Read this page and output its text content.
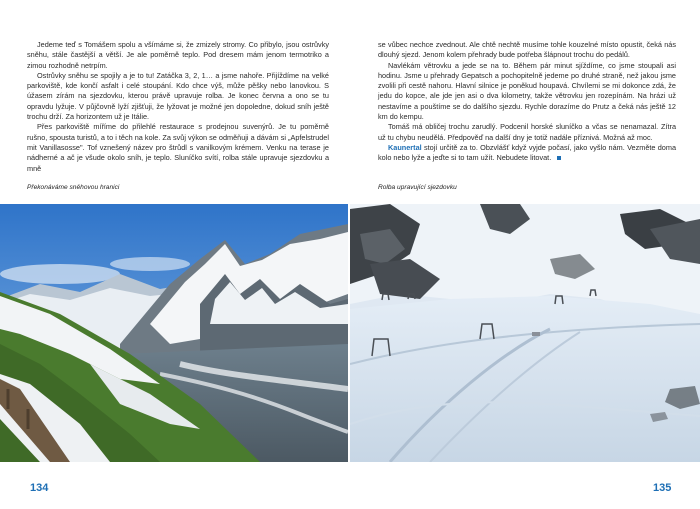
Jedeme teď s Tomášem spolu a všímáme si, že zmizely stromy. Co přibylo, jsou ostrůvky sněhu, stále častější a větší. Je ale poměrně teplo. Pod dresem mám jenom termotriko a zimou rozhodně netrpím.

Ostrůvky sněhu se spojily a je to tu! Zatáčka 3, 2, 1… a jsme nahoře. Přijíždíme na velké parkoviště, kde končí asfalt i celé stoupání. Kdo chce výš, může pěšky nebo lanovkou. S úžasem zírám na sjezdovku, kterou právě upravuje rolba. Je konec června a ono se tu opravdu lyžuje. V půjčovně lyží zjišťuji, že lyžovat je možné jen dopoledne, dokud sníh ještě trochu drží. Za horizontem už je Itálie.

Přes parkoviště míříme do přilehlé restaurace s prodejnou suvenýrů. Je tu poměrně rušno, spousta turistů, a to i těch na kole. Za svůj výkon se odměňuji a dávám si „Apfelstrudel mit Vanillasosse". Tof vznešený název pro štrůdl s vanilkovým krémem. Venku na terase je nádherné a ač je všude okolo sníh, je teplo. Sluníčko svítí, rolba stále upravuje sjezdovku a mně

se vůbec nechce zvednout. Ale chtě nechtě musíme tohle kouzelné místo opustit, čeká nás dlouhý sjezd. Jenom kolem přehrady bude potřeba šlápnout trochu do pedálů.

Navlékám větrovku a jede se na to. Během pár minut sjíždíme, co jsme stoupali asi hodinu. Jsme u přehrady Gepatsch a pochopitelně jedeme po druhé straně, než jakou jsme zvolili při cestě nahoru. Hlavní silnice je poněkud houpavá. Chvílemi se mi dokonce zdá, že jedu do kopce, ale jde jen asi o dva kilometry, takže větrovku jen rozepínám. Na hrázi už nestavíme a pouštíme se do dalšího sjezdu. Rychle dorazíme do Prutz a čeká nás ještě 12 km do kempu.

Tomáš má obličej trochu zarudlý. Podcenil horské sluníčko a včas se nenamazal. Zítra už tu chybu neudělá. Předpověď na další dny je totiž nadále příznivá. Možná až moc.

Kaunertal stojí určitě za to. Obzvlášť když vyjde počasí, jako vyšlo nám. Vezměte doma kolo nebo lyže a jeďte si to tam užít. Nebudete litovat.

Překonáváme sněhovou hranici	Rolba upravující sjezdovku
134	135
